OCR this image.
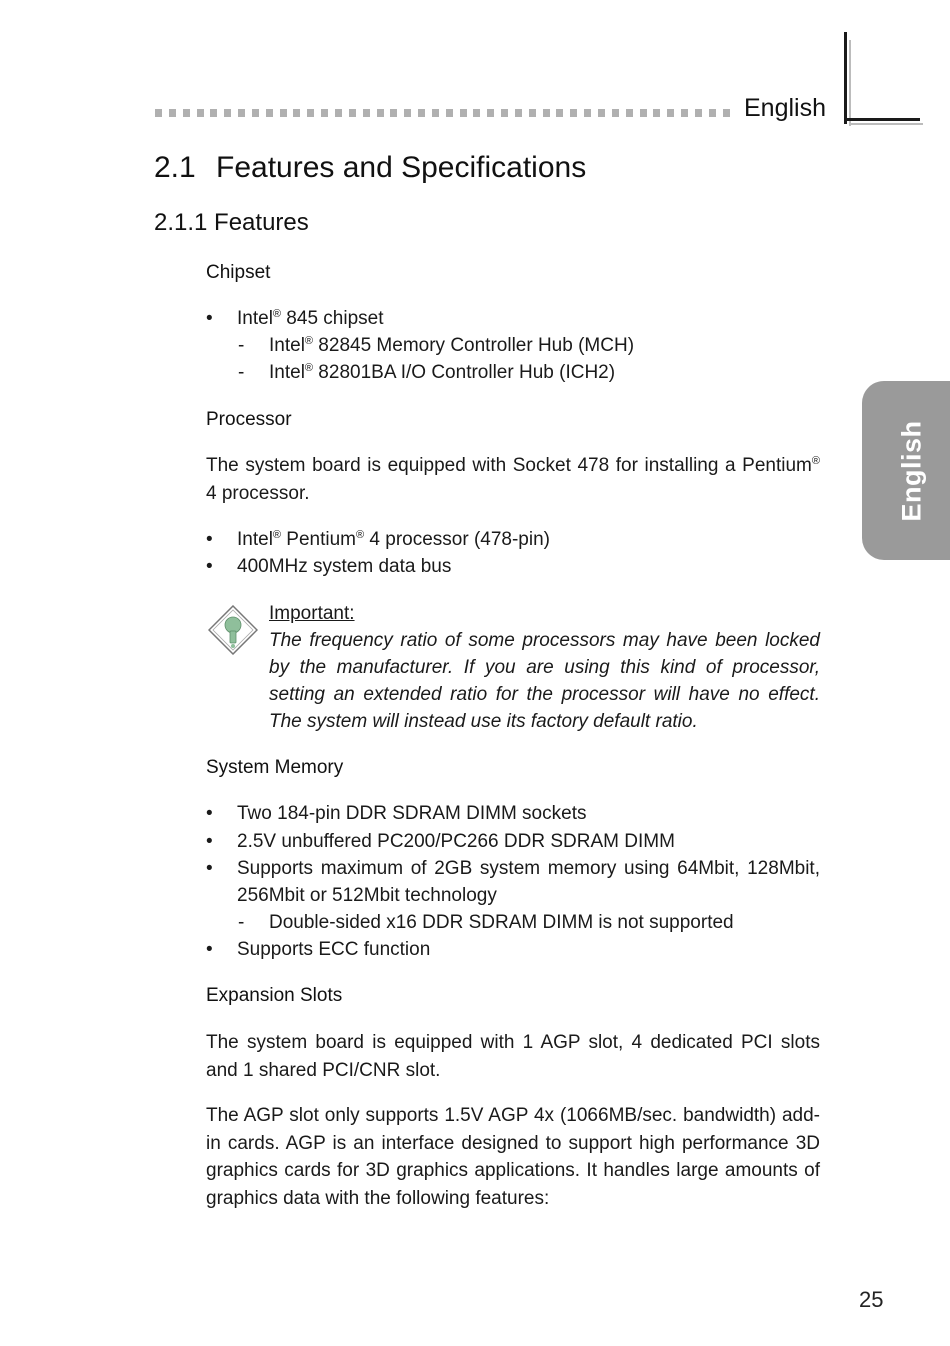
English
English
2.1 Features and Specifications
2.1.1 Features
Chipset
• Intel® 845 chipset
- Intel® 82845 Memory Controller Hub (MCH)
- Intel® 82801BA I/O Controller Hub (ICH2)
Processor
The system board is equipped with Socket 478 for installing a Pentium® 4 processor.
• Intel® Pentium® 4 processor (478-pin)
• 400MHz system data bus
Important:
The frequency ratio of some processors may have been locked by the manufacturer. If you are using this kind of processor, setting an extended ratio for the processor will have no effect. The system will instead use its factory default ratio.
System Memory
• Two 184-pin DDR SDRAM DIMM sockets
• 2.5V unbuffered PC200/PC266 DDR SDRAM DIMM
• Supports maximum of 2GB system memory using 64Mbit, 128Mbit, 256Mbit or 512Mbit technology
- Double-sided x16 DDR SDRAM DIMM is not supported
• Supports ECC function
Expansion Slots
The system board is equipped with 1 AGP slot, 4 dedicated PCI slots and 1 shared PCI/CNR slot.
The AGP slot only supports 1.5V AGP 4x (1066MB/sec. bandwidth) add-in cards. AGP is an interface designed to support high performance 3D graphics cards for 3D graphics applications. It handles large amounts of graphics data with the following features:
25
